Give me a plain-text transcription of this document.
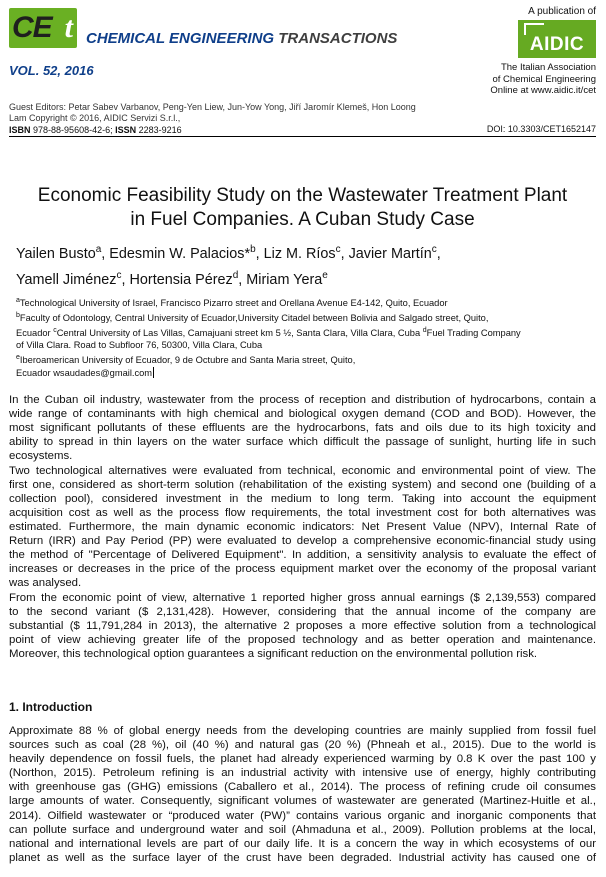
CE t CHEMICAL ENGINEERING TRANSACTIONS
VOL. 52, 2016
A publication of
AIDIC
The Italian Association
of Chemical Engineering
Online at www.aidic.it/cet
Guest Editors: Petar Sabev Varbanov, Peng-Yen Liew, Jun-Yow Yong, Jiří Jaromír Klemeš, Hon Loong
Lam Copyright © 2016, AIDIC Servizi S.r.l.,
ISBN 978-88-95608-42-6; ISSN 2283-9216	DOI: 10.3303/CET1652147
Economic Feasibility Study on the Wastewater Treatment Plant
in Fuel Companies. A Cuban Study Case
Yailen Busto$^a$, Edesmin W. Palacios*$^b$, Liz M. Ríos$^c$, Javier Martín$^c$,
Yamell Jiménez$^c$, Hortensia Pérez$^d$, Miriam Yera$^e$
$^a$Technological University of Israel, Francisco Pizarro street and Orellana Avenue E4-142, Quito, Ecuador
$^b$Faculty of Odontology, Central University of Ecuador,University Citadel between Bolivia and Salgado street, Quito,
Ecuador $^c$Central University of Las Villas, Camajuani street km 5 ½, Santa Clara, Villa Clara, Cuba $^d$Fuel Trading Company
of Villa Clara. Road to Subfloor 76, 50300, Villa Clara, Cuba
$^e$Iberoamerican University of Ecuador, 9 de Octubre and Santa Maria street, Quito,
Ecuador wsaudades@gmail.com
In the Cuban oil industry, wastewater from the process of reception and distribution of hydrocarbons, contain a
wide range of contaminants with high chemical and biological oxygen demand (COD and BOD). However, the
most significant pollutants of these effluents are the hydrocarbons, fats and oils due to its high toxicity and
ability to spread in thin layers on the water surface which difficult the passage of sunlight, hurting life in such
ecosystems.
Two technological alternatives were evaluated from technical, economic and environmental point of view. The
first one, considered as short-term solution (rehabilitation of the existing system) and second one (building of a
collection pool), considered investment in the medium to long term. Taking into account the equipment
acquisition cost as well as the process flow requirements, the total investment cost for both alternatives was
estimated. Furthermore, the main dynamic economic indicators: Net Present Value (NPV), Internal Rate of
Return (IRR) and Pay Period (PP) were evaluated to develop a comprehensive economic-financial study using
the method of "Percentage of Delivered Equipment". In addition, a sensitivity analysis to evaluate the effect of
increases or decreases in the price of the process equipment market over the economy of the proposal variant
was analysed.
From the economic point of view, alternative 1 reported higher gross annual earnings ($ 2,139,553) compared
to the second variant ($ 2,131,428). However, considering that the annual income of the company are
substantial ($ 11,791,284 in 2013), the alternative 2 proposes a more effective solution from a technological
point of view achieving greater life of the proposed technology and as better operation and maintenance.
Moreover, this technological option guarantees a significant reduction on the environmental pollution risk.
1. Introduction
Approximate 88 % of global energy needs from the developing countries are mainly supplied from fossil fuel
sources such as coal (28 %), oil (40 %) and natural gas (20 %) (Phneah et al., 2015). Due to the world is
heavily dependence on fossil fuels, the planet had already experienced warming by 0.8 K over the past 100 y
(Northon, 2015). Petroleum refining is an industrial activity with intensive use of energy, highly contributing
with greenhouse gas (GHG) emissions (Caballero et al., 2014). The process of refining crude oil consumes
large amounts of water. Consequently, significant volumes of wastewater are generated (Martinez-Huitle et al.,
2014). Oilfield wastewater or “produced water (PW)” contains various organic and inorganic components that
can pollute surface and underground water and soil (Ahmaduna et al., 2009). Pollution problems at the local,
national and international levels are part of our daily life. It is a concern the way in which ecosystems of our
planet as well as the surface layer of the crust have been degraded. Industrial activity has caused one of
